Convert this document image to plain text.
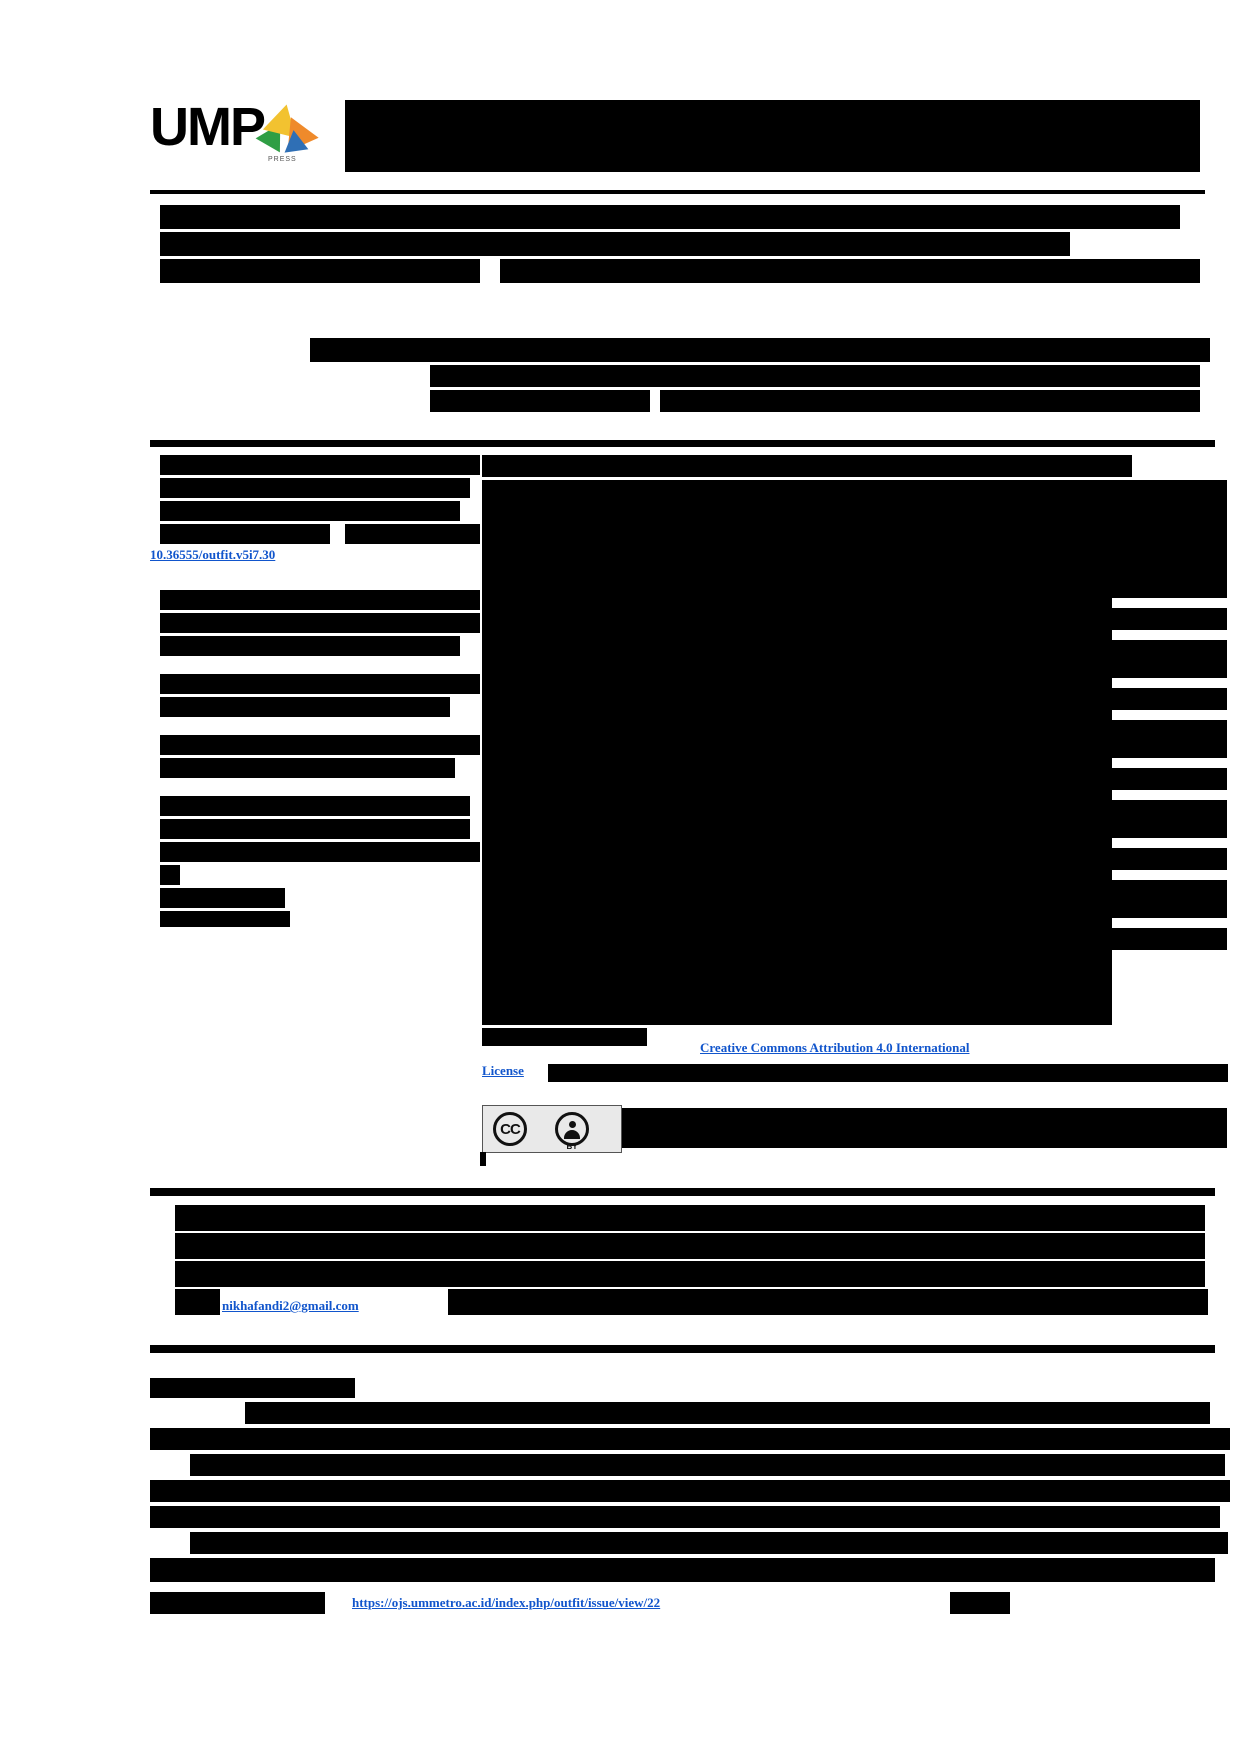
UMP
PRESS
10.36555/outfit.v5i7.30
Creative Commons Attribution 4.0 International
License
CC
BY
nikhafandi2@gmail.com
https://ojs.ummetro.ac.id/index.php/outfit/issue/view/22
